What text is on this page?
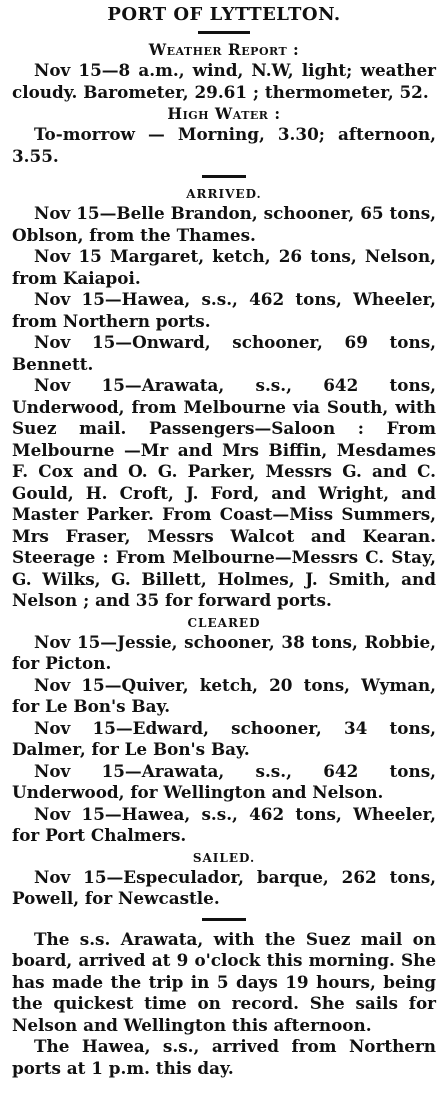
PORT OF LYTTELTON.
Weather Report :

Nov 15—8 a.m., wind, N.W, light; weather cloudy. Barometer, 29.61 ; thermometer, 52.

High Water :

To-morrow — Morning, 3.30; afternoon, 3.55.

ARRIVED.

Nov 15—Belle Brandon, schooner, 65 tons, Oblson, from the Thames.

Nov 15 Margaret, ketch, 26 tons, Nelson, from Kaiapoi.

Nov 15—Hawea, s.s., 462 tons, Wheeler, from Northern ports.

Nov 15—Onward, schooner, 69 tons, Bennett.

Nov 15—Arawata, s.s., 642 tons, Underwood, from Melbourne via South, with Suez mail. Passengers—Saloon : From Melbourne —Mr and Mrs Biffin, Mesdames F. Cox and O. G. Parker, Messrs G. and C. Gould, H. Croft, J. Ford, and Wright, and Master Parker. From Coast—Miss Summers, Mrs Fraser, Messrs Walcot and Kearan. Steerage : From Melbourne—Messrs C. Stay, G. Wilks, G. Billett, Holmes, J. Smith, and Nelson ; and 35 for forward ports.

CLEARED

Nov 15—Jessie, schooner, 38 tons, Robbie, for Picton.

Nov 15—Quiver, ketch, 20 tons, Wyman, for Le Bon's Bay.

Nov 15—Edward, schooner, 34 tons, Dalmer, for Le Bon's Bay.

Nov 15—Arawata, s.s., 642 tons, Underwood, for Wellington and Nelson.

Nov 15—Hawea, s.s., 462 tons, Wheeler, for Port Chalmers.

SAILED.

Nov 15—Especulador, barque, 262 tons, Powell, for Newcastle.

The s.s. Arawata, with the Suez mail on board, arrived at 9 o'clock this morning. She has made the trip in 5 days 19 hours, being the quickest time on record. She sails for Nelson and Wellington this afternoon.

The Hawea, s.s., arrived from Northern ports at 1 p.m. this day.
